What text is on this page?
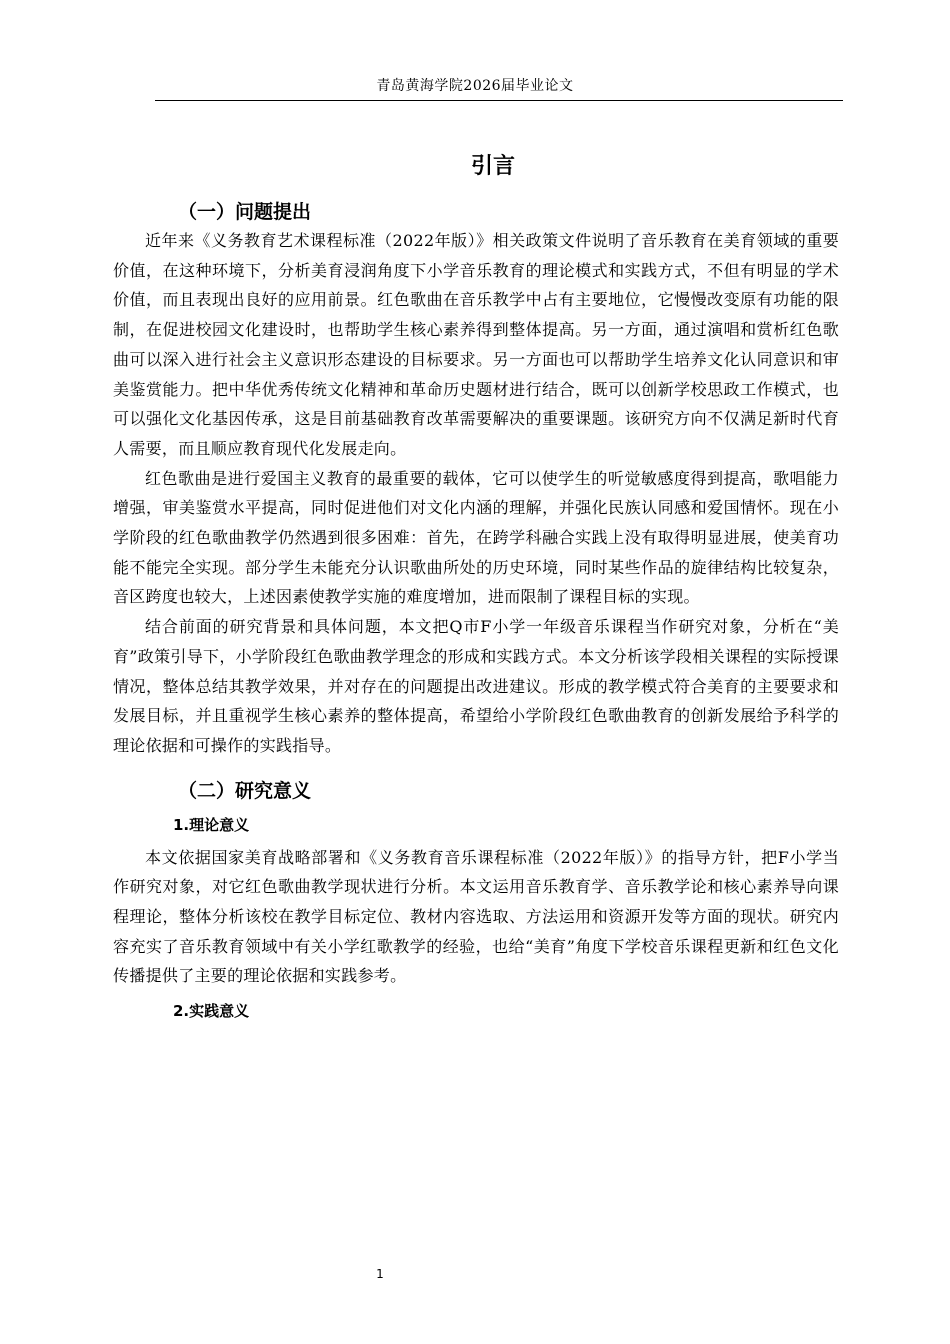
青岛黄海学院2026届毕业论文
引言
（一）问题提出

近年来《义务教育艺术课程标准（2022年版）》相关政策文件说明了音乐教育在美育领域的重要价值，在这种环境下，分析美育浸润角度下小学音乐教育的理论模式和实践方式，不但有明显的学术价值，而且表现出良好的应用前景。红色歌曲在音乐教学中占有主要地位，它慢慢改变原有功能的限制，在促进校园文化建设时，也帮助学生核心素养得到整体提高。另一方面，通过演唱和赏析红色歌曲可以深入进行社会主义意识形态建设的目标要求。另一方面也可以帮助学生培养文化认同意识和审美鉴赏能力。把中华优秀传统文化精神和革命历史题材进行结合，既可以创新学校思政工作模式，也可以强化文化基因传承，这是目前基础教育改革需要解决的重要课题。该研究方向不仅满足新时代育人需要，而且顺应教育现代化发展走向。

红色歌曲是进行爱国主义教育的最重要的载体，它可以使学生的听觉敏感度得到提高，歌唱能力增强，审美鉴赏水平提高，同时促进他们对文化内涵的理解，并强化民族认同感和爱国情怀。现在小学阶段的红色歌曲教学仍然遇到很多困难：首先，在跨学科融合实践上没有取得明显进展，使美育功能不能完全实现。部分学生未能充分认识歌曲所处的历史环境，同时某些作品的旋律结构比较复杂，音区跨度也较大，上述因素使教学实施的难度增加，进而限制了课程目标的实现。

结合前面的研究背景和具体问题，本文把Q市F小学一年级音乐课程当作研究对象，分析在“美育”政策引导下，小学阶段红色歌曲教学理念的形成和实践方式。本文分析该学段相关课程的实际授课情况，整体总结其教学效果，并对存在的问题提出改进建议。形成的教学模式符合美育的主要要求和发展目标，并且重视学生核心素养的整体提高，希望给小学阶段红色歌曲教育的创新发展给予科学的理论依据和可操作的实践指导。

（二）研究意义
1.理论意义

本文依据国家美育战略部署和《义务教育音乐课程标准（2022年版）》的指导方针，把F小学当作研究对象，对它红色歌曲教学现状进行分析。本文运用音乐教育学、音乐教学论和核心素养导向课程理论，整体分析该校在教学目标定位、教材内容选取、方法运用和资源开发等方面的现状。研究内容充实了音乐教育领域中有关小学红歌教学的经验，也给“美育”角度下学校音乐课程更新和红色文化传播提供了主要的理论依据和实践参考。

2.实践意义
1
